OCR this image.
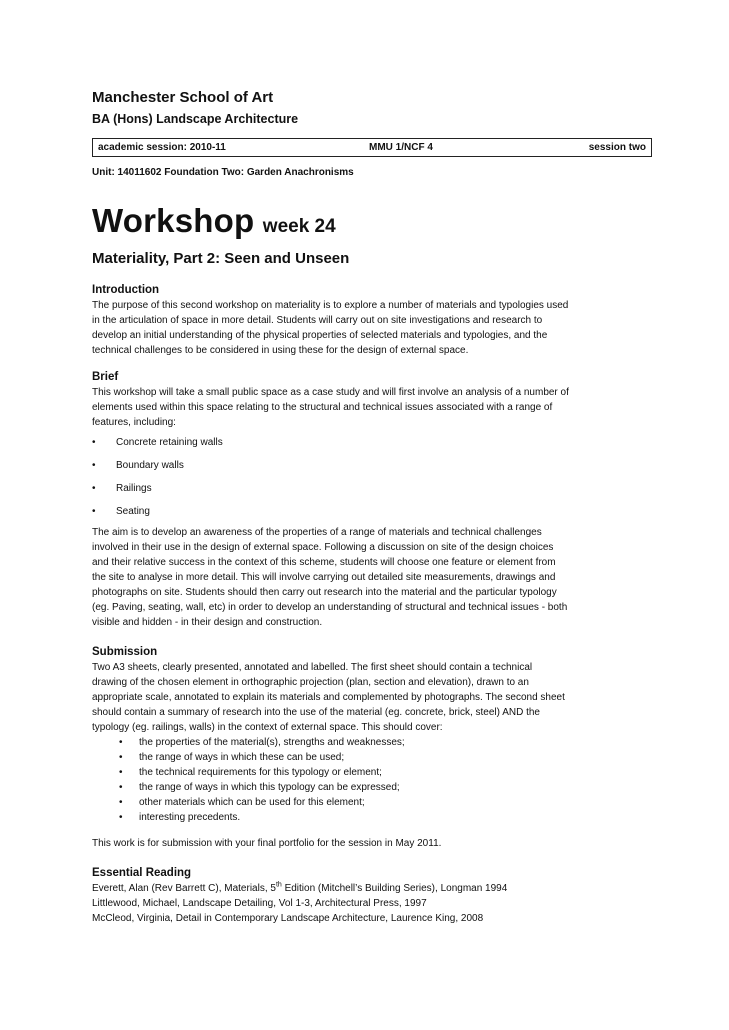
Manchester School of Art

BA (Hons) Landscape Architecture

academic session: 2010-11	MMU 1/NCF 4	session two
Unit: 14011602 Foundation Two: Garden Anachronisms
Workshop week 24
Materiality, Part 2: Seen and Unseen
Introduction

The purpose of this second workshop on materiality is to explore a number of materials and typologies used

in the articulation of space in more detail. Students will carry out on site investigations and research to

develop an initial understanding of the physical properties of selected materials and typologies, and the

technical challenges to be considered in using these for the design of external space.

Brief

This workshop will take a small public space as a case study and will first involve an analysis of a number of

elements used within this space relating to the structural and technical issues associated with a range of

features, including:

• Concrete retaining walls
• Boundary walls
• Railings
• Seating

The aim is to develop an awareness of the properties of a range of materials and technical challenges

involved in their use in the design of external space. Following a discussion on site of the design choices

and their relative success in the context of this scheme, students will choose one feature or element from

the site to analyse in more detail. This will involve carrying out detailed site measurements, drawings and

photographs on site. Students should then carry out research into the material and the particular typology

(eg. Paving, seating, wall, etc) in order to develop an understanding of structural and technical issues - both

visible and hidden - in their design and construction.

Submission

Two A3 sheets, clearly presented, annotated and labelled. The first sheet should contain a technical

drawing of the chosen element in orthographic projection (plan, section and elevation), drawn to an

appropriate scale, annotated to explain its materials and complemented by photographs. The second sheet

should contain a summary of research into the use of the material (eg. concrete, brick, steel) AND the

typology (eg. railings, walls) in the context of external space. This should cover:

• the properties of the material(s), strengths and weaknesses;
• the range of ways in which these can be used;
• the technical requirements for this typology or element;
• the range of ways in which this typology can be expressed;
• other materials which can be used for this element;
• interesting precedents.

This work is for submission with your final portfolio for the session in May 2011.

Essential Reading

Everett, Alan (Rev Barrett C), Materials, 5th Edition (Mitchell’s Building Series), Longman 1994

Littlewood, Michael, Landscape Detailing, Vol 1-3, Architectural Press, 1997

McCleod, Virginia, Detail in Contemporary Landscape Architecture, Laurence King, 2008
